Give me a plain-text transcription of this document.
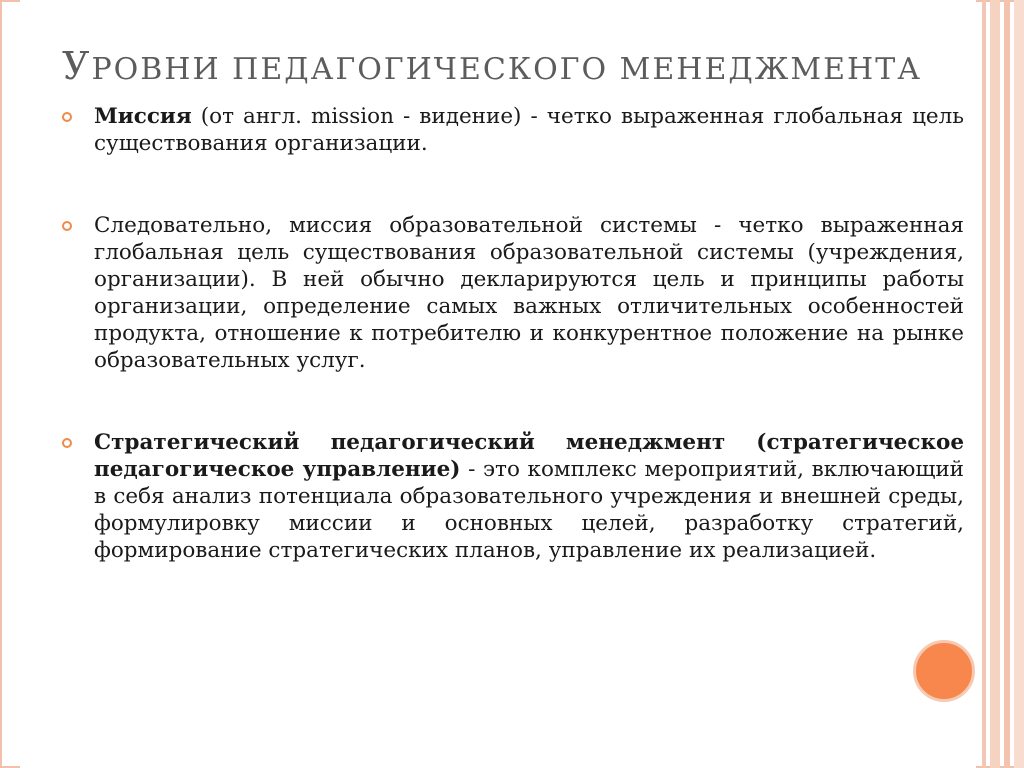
УРОВНИ ПЕДАГОГИЧЕСКОГО МЕНЕДЖМЕНТА
Миссия (от англ. mission - видение) - четко выраженная глобальная цель существования организации.
Следовательно, миссия образовательной системы - четко выраженная глобальная цель существования образовательной системы (учреждения, организации). В ней обычно декларируются цель и принципы работы организации, определение самых важных отличительных особенностей продукта, отношение к потребителю и конкурентное положение на рынке образовательных услуг.
Стратегический педагогический менеджмент (стратегическое педагогическое управление) - это комплекс мероприятий, включающий в себя анализ потенциала образовательного учреждения и внешней среды, формулировку миссии и основных целей, разработку стратегий, формирование стратегических планов, управление их реализацией.
